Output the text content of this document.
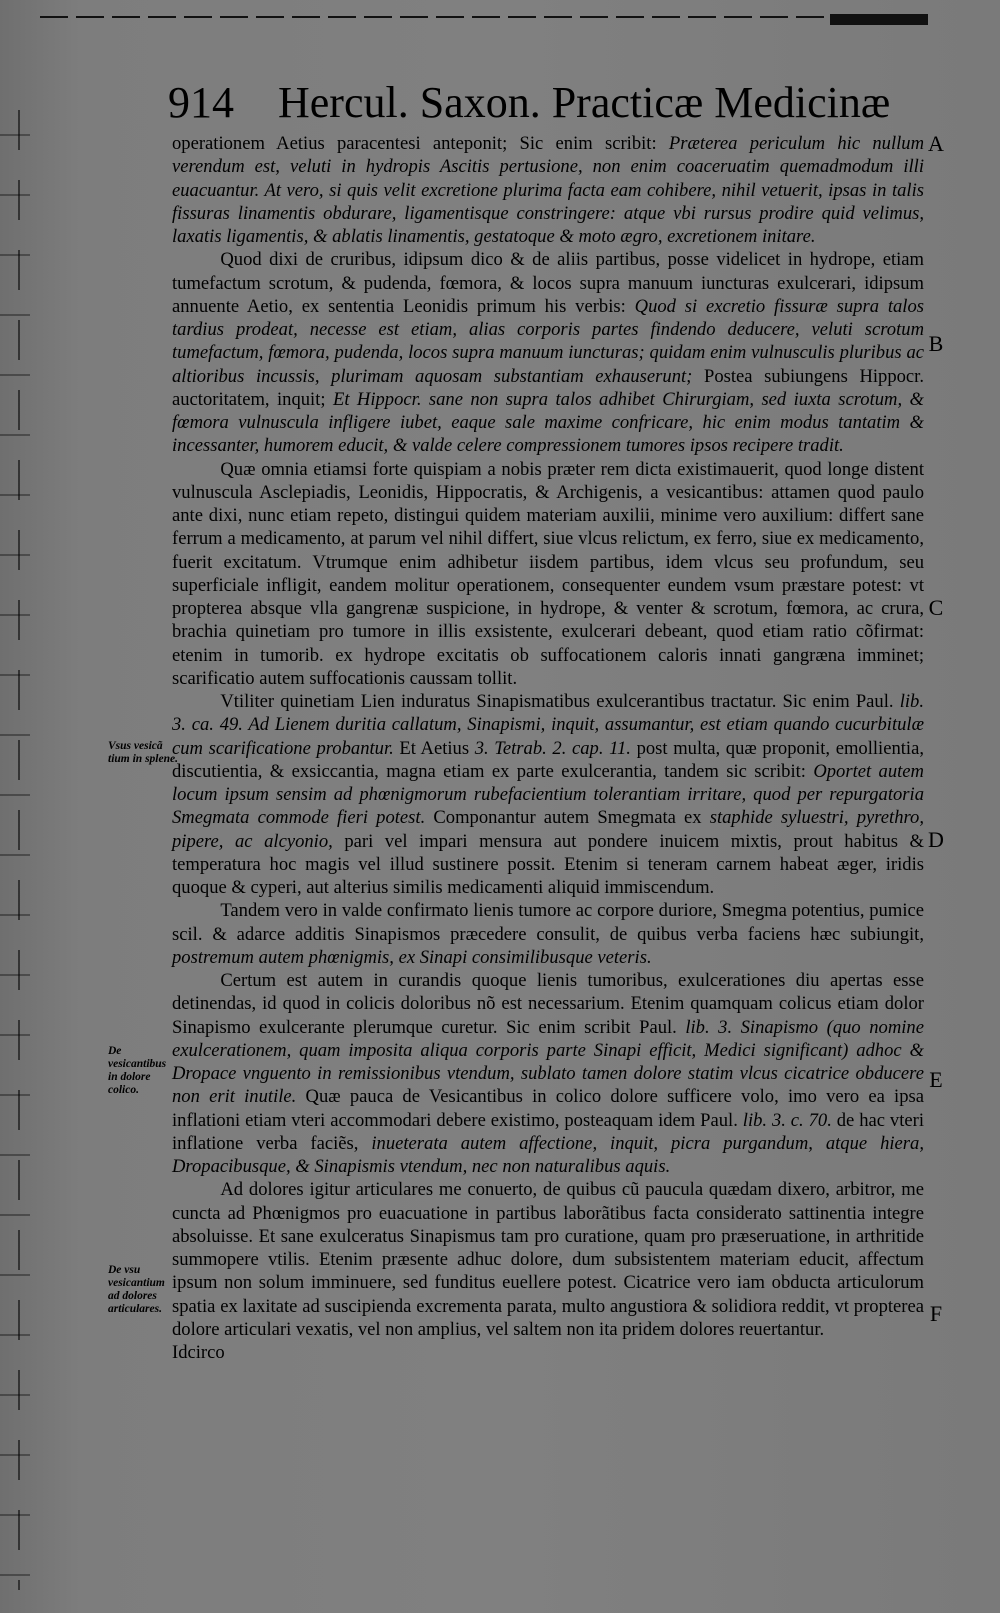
914 Hercul. Saxon. Practicæ Medicinæ

operationem Aetius paracentesi anteponit; Sic enim scribit: Præterea periculum hic nullum verendum est, veluti in hydropis Ascitis pertusione, non enim coaceruatim quemadmodum illi euacuantur. At vero, si quis velit excretione plurima facta eam cohibere, nihil vetuerit, ipsas in talis fissuras linamentis obdurare, ligamentisque constringere: atque vbi rursus prodire quid velimus, laxatis ligamentis, & ablatis linamentis, gestatoque & moto ægro, excretionem initare.

Quod dixi de cruribus, idipsum dico & de aliis partibus, posse videlicet in hydrope, etiam tumefactum scrotum, & pudenda, fœmora, & locos supra manuum iuncturas exulcerari, idipsum annuente Aetio, ex sententia Leonidis primum his verbis: Quod si excretio fissuræ supra talos tardius prodeat, necesse est etiam, alias corporis partes findendo deducere, veluti scrotum tumefactum, fœmora, pudenda, locos supra manuum iuncturas; quidam enim vulnusculis pluribus ac altioribus incussis, plurimam aquosam substantiam exhauserunt; Postea subiungens Hippocr. auctoritatem, inquit; Et Hippocr. sane non supra talos adhibet Chirurgiam, sed iuxta scrotum, & fœmora vulnuscula infligere iubet, eaque sale maxime confricare, hic enim modus tantatim & incessanter, humorem educit, & valde celere compressionem tumores ipsos recipere tradit.

Quæ omnia etiamsi forte quispiam a nobis præter rem dicta existimauerit, quod longe distent vulnuscula Asclepiadis, Leonidis, Hippocratis, & Archigenis, a vesicantibus: attamen quod paulo ante dixi, nunc etiam repeto, distingui quidem materiam auxilii, minime vero auxilium: differt sane ferrum a medicamento, at parum vel nihil differt, siue vlcus relictum, ex ferro, siue ex medicamento, fuerit excitatum. Vtrumque enim adhibetur iisdem partibus, idem vlcus seu profundum, seu superficiale infligit, eandem molitur operationem, consequenter eundem vsum præstare potest: vt propterea absque vlla gangrenæ suspicione, in hydrope, & venter & scrotum, fœmora, ac crura, brachia quinetiam pro tumore in illis exsistente, exulcerari debeant, quod etiam ratio cõfirmat: etenim in tumorib. ex hydrope excitatis ob suffocationem caloris innati gangræna imminet; scarificatio autem suffocationis caussam tollit.

Vtiliter quinetiam Lien induratus Sinapismatibus exulcerantibus tractatur. Sic enim Paul. lib. 3. ca. 49. Ad Lienem duritia callatum, Sinapismi, inquit, assumantur, est etiam quando cucurbitulæ cum scarificatione probantur. Et Aetius 3. Tetrab. 2. cap. 11. post multa, quæ proponit, emollientia, discutientia, & exsiccantia, magna etiam ex parte exulcerantia, tandem sic scribit: Oportet autem locum ipsum sensim ad phœnigmorum rubefacientium tolerantiam irritare, quod per repurgatoria Smegmata commode fieri potest. Componantur autem Smegmata ex staphide syluestri, pyrethro, pipere, ac alcyonio, pari vel impari mensura aut pondere inuicem mixtis, prout habitus & temperatura hoc magis vel illud sustinere possit. Etenim si teneram carnem habeat æger, iridis quoque & cyperi, aut alterius similis medicamenti aliquid immiscendum.

Tandem vero in valde confirmato lienis tumore ac corpore duriore, Smegma potentius, pumice scil. & adarce additis Sinapismos præcedere consulit, de quibus verba faciens hæc subiungit, postremum autem phœnigmis, ex Sinapi consimilibusque veteris.

Certum est autem in curandis quoque lienis tumoribus, exulcerationes diu apertas esse detinendas, id quod in colicis doloribus nõ est necessarium. Etenim quamquam colicus etiam dolor Sinapismo exulcerante plerumque curetur. Sic enim scribit Paul. lib. 3. Sinapismo (quo nomine exulcerationem, quam imposita aliqua corporis parte Sinapi efficit, Medici significant) adhoc & Dropace vnguento in remissionibus vtendum, sublato tamen dolore statim vlcus cicatrice obducere non erit inutile. Quæ pauca de Vesicantibus in colico dolore sufficere volo, imo vero ea ipsa inflationi etiam vteri accommodari debere existimo, posteaquam idem Paul. lib. 3. c. 70. de hac vteri inflatione verba faciẽs, inueterata autem affectione, inquit, picra purgandum, atque hiera, Dropacibusque, & Sinapismis vtendum, nec non naturalibus aquis.

Ad dolores igitur articulares me conuerto, de quibus cũ paucula quædam dixero, arbitror, me cuncta ad Phœnigmos pro euacuatione in partibus laborãtibus facta considerato sattinentia integre absoluisse. Et sane exulceratus Sinapismus tam pro curatione, quam pro præseruatione, in arthritide summopere vtilis. Etenim præsente adhuc dolore, dum subsistentem materiam educit, affectum ipsum non solum imminuere, sed funditus euellere potest. Cicatrice vero iam obducta articulorum spatia ex laxitate ad suscipienda excrementa parata, multo angustiora & solidiora reddit, vt propterea dolore articulari vexatis, vel non amplius, vel saltem non ita pridem dolores reuertantur.

Idcirco

A
B
C
D
E
F
Vsus vesicã tium in splene.
De vesicantibus in dolore colico.
De vsu vesicantium ad dolores articulares.
